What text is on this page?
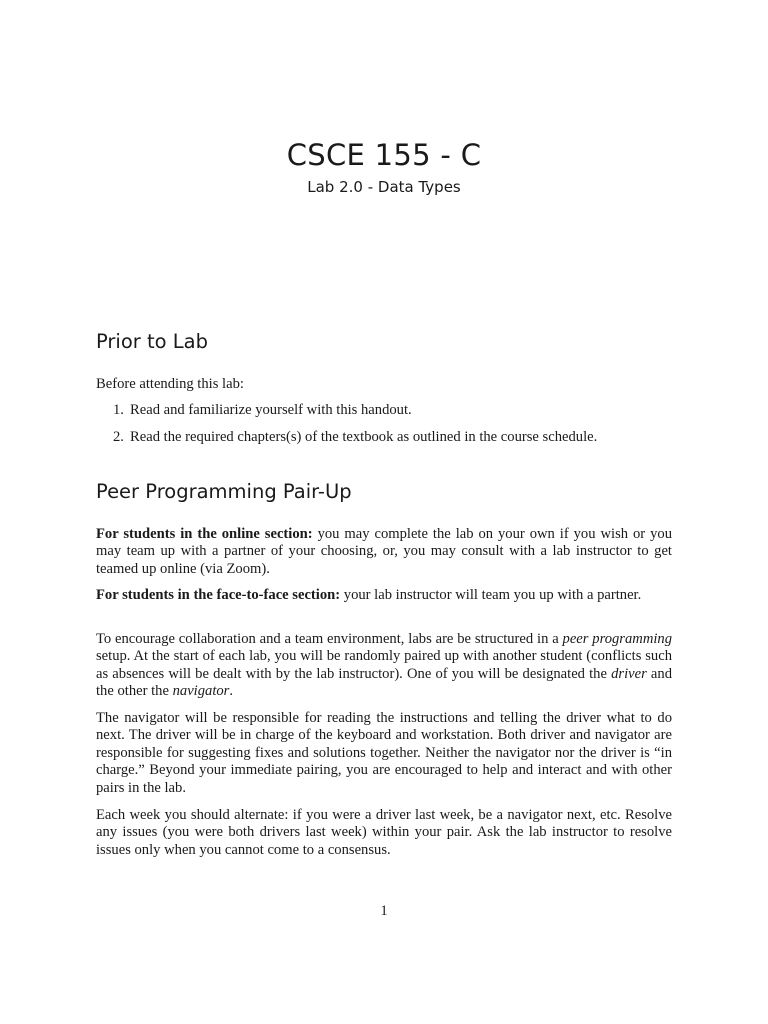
CSCE 155 - C
Lab 2.0 - Data Types
Prior to Lab

Before attending this lab:

1. Read and familiarize yourself with this handout.
2. Read the required chapters(s) of the textbook as outlined in the course schedule.
Peer Programming Pair-Up

For students in the online section: you may complete the lab on your own if you wish or you may team up with a partner of your choosing, or, you may consult with a lab instructor to get teamed up online (via Zoom).

For students in the face-to-face section: your lab instructor will team you up with a partner.

To encourage collaboration and a team environment, labs are be structured in a peer programming setup. At the start of each lab, you will be randomly paired up with another student (conflicts such as absences will be dealt with by the lab instructor). One of you will be designated the driver and the other the navigator.

The navigator will be responsible for reading the instructions and telling the driver what to do next. The driver will be in charge of the keyboard and workstation. Both driver and navigator are responsible for suggesting fixes and solutions together. Neither the navigator nor the driver is “in charge.” Beyond your immediate pairing, you are encouraged to help and interact and with other pairs in the lab.

Each week you should alternate: if you were a driver last week, be a navigator next, etc. Resolve any issues (you were both drivers last week) within your pair. Ask the lab instructor to resolve issues only when you cannot come to a consensus.

1
